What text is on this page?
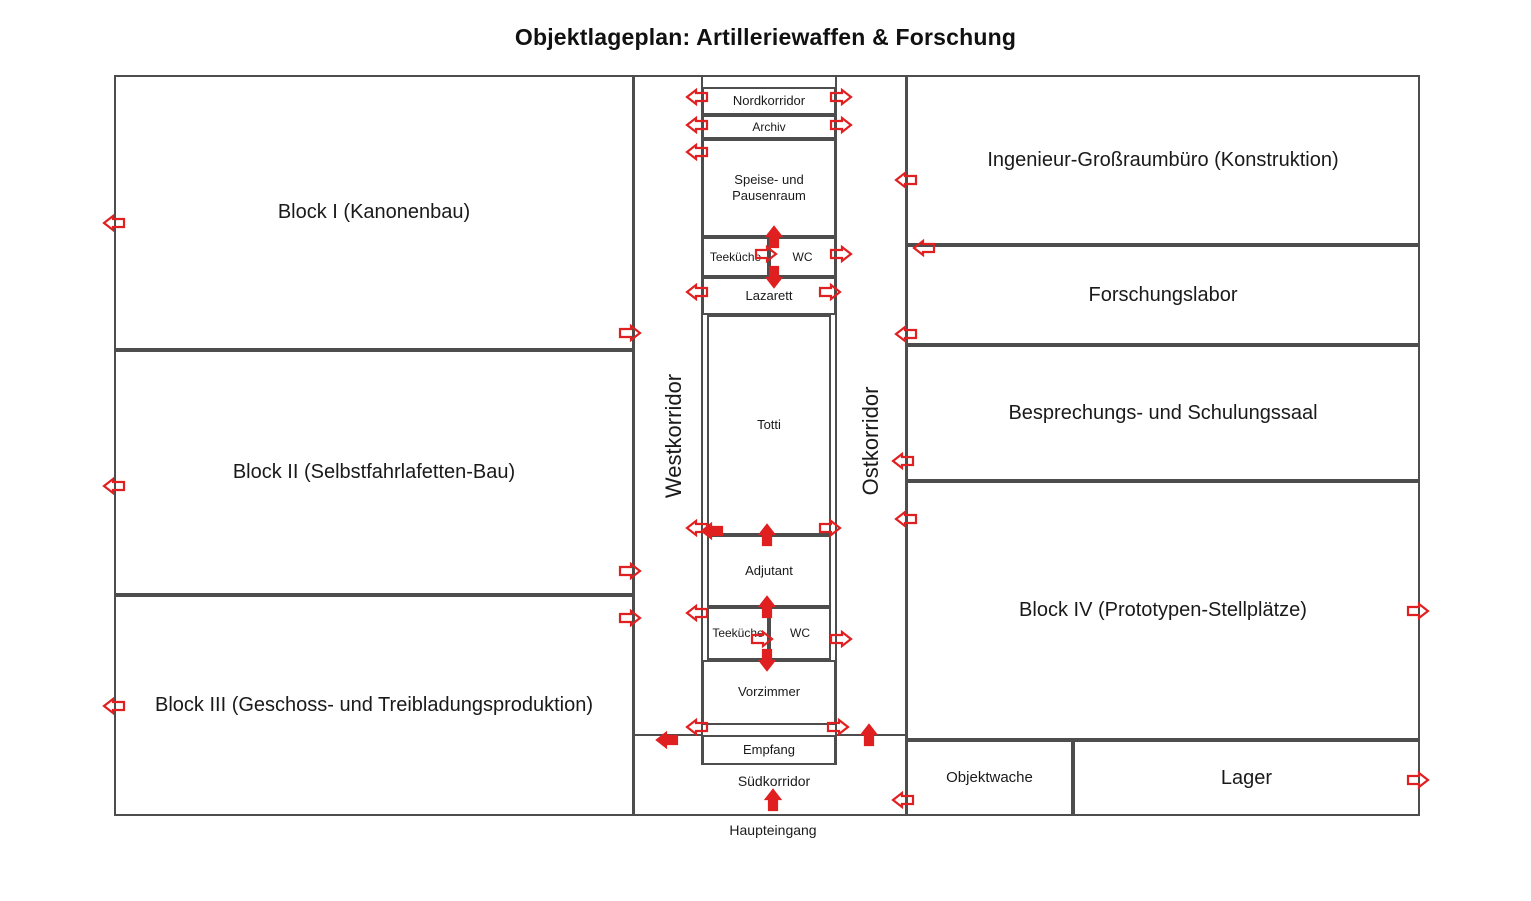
Objektlageplan: Artilleriewaffen & Forschung
Block I (Kanonenbau)
Block II (Selbstfahrlafetten-Bau)
Block III (Geschoss- und Treibladungsproduktion)
Ingenieur-Großraumbüro (Konstruktion)
Forschungslabor
Besprechungs- und Schulungssaal
Block IV (Prototypen-Stellplätze)
Objektwache	Lager
Nordkorridor
Archiv
Speise- und Pausenraum
Teeküche	WC
Lazarett
Totti
Adjutant
Teeküche	WC
Vorzimmer
Empfang
Westkorridor	Ostkorridor
Südkorridor
Haupteingang
